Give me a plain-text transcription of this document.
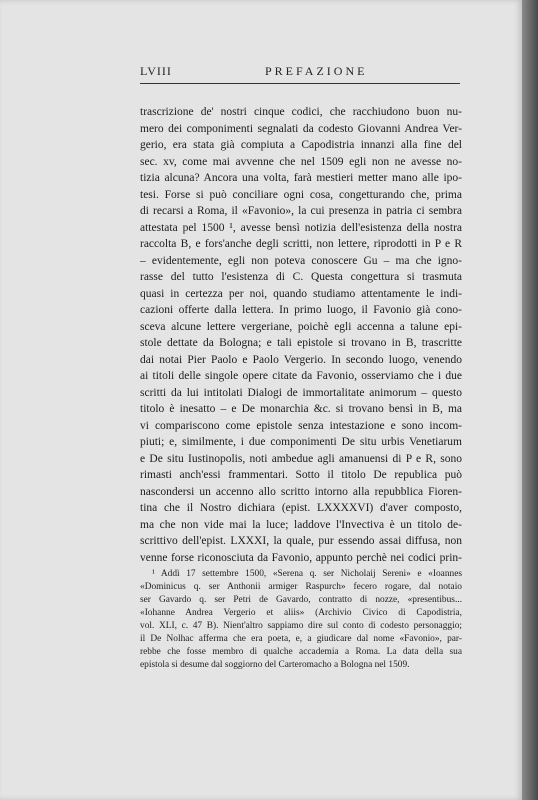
LVIII	PREFAZIONE
trascrizione de' nostri cinque codici, che racchiudono buon nu-
mero dei componimenti segnalati da codesto Giovanni Andrea Ver-
gerio, era stata già compiuta a Capodistria innanzi alla fine del
sec. xv, come mai avvenne che nel 1509 egli non ne avesse no-
tizia alcuna? Ancora una volta, farà mestieri metter mano alle ipo-
tesi. Forse si può conciliare ogni cosa, congetturando che, prima
di recarsi a Roma, il «Favonio», la cui presenza in patria ci sembra
attestata pel 1500 ¹, avesse bensì notizia dell'esistenza della nostra
raccolta B, e fors'anche degli scritti, non lettere, riprodotti in P e R
– evidentemente, egli non poteva conoscere Gu – ma che igno-
rasse del tutto l'esistenza di C. Questa congettura si trasmuta
quasi in certezza per noi, quando studiamo attentamente le indi-
cazioni offerte dalla lettera. In primo luogo, il Favonio già cono-
sceva alcune lettere vergeriane, poichè egli accenna a talune epi-
stole dettate da Bologna; e tali epistole si trovano in B, trascritte
dai notai Pier Paolo e Paolo Vergerio. In secondo luogo, venendo
ai titoli delle singole opere citate da Favonio, osserviamo che i due
scritti da lui intitolati Dialogi de immortalitate animorum – questo
titolo è inesatto – e De monarchia &c. si trovano bensì in B, ma
vi compariscono come epistole senza intestazione e sono incom-
piuti; e, similmente, i due componimenti De situ urbis Venetiarum
e De situ Iustinopolis, noti ambedue agli amanuensi di P e R, sono
rimasti anch'essi frammentari. Sotto il titolo De republica può
nascondersi un accenno allo scritto intorno alla repubblica Fioren-
tina che il Nostro dichiara (epist. LXXXXVI) d'aver composto,
ma che non vide mai la luce; laddove l'Invectiva è un titolo de-
scrittivo dell'epist. LXXXI, la quale, pur essendo assai diffusa, non
venne forse riconosciuta da Favonio, appunto perchè nei codici prin-
¹ Addì 17 settembre 1500, «Serena q. ser Nicholaij Sereni» e «Ioannes
«Dominicus q. ser Anthonii armiger Raspurch» fecero rogare, dal notaio
ser Gavardo q. ser Petri de Gavardo, contratto di nozze, «presentibus...
«Iohanne Andrea Vergerio et aliis» (Archivio Civico di Capodistria,
vol. XLI, c. 47 B). Nient'altro sappiamo dire sul conto di codesto personaggio;
il De Nolhac afferma che era poeta, e, a giudicare dal nome «Favonio», par-
rebbe che fosse membro di qualche accademia a Roma. La data della sua
epistola si desume dal soggiorno del Carteromacho a Bologna nel 1509.
